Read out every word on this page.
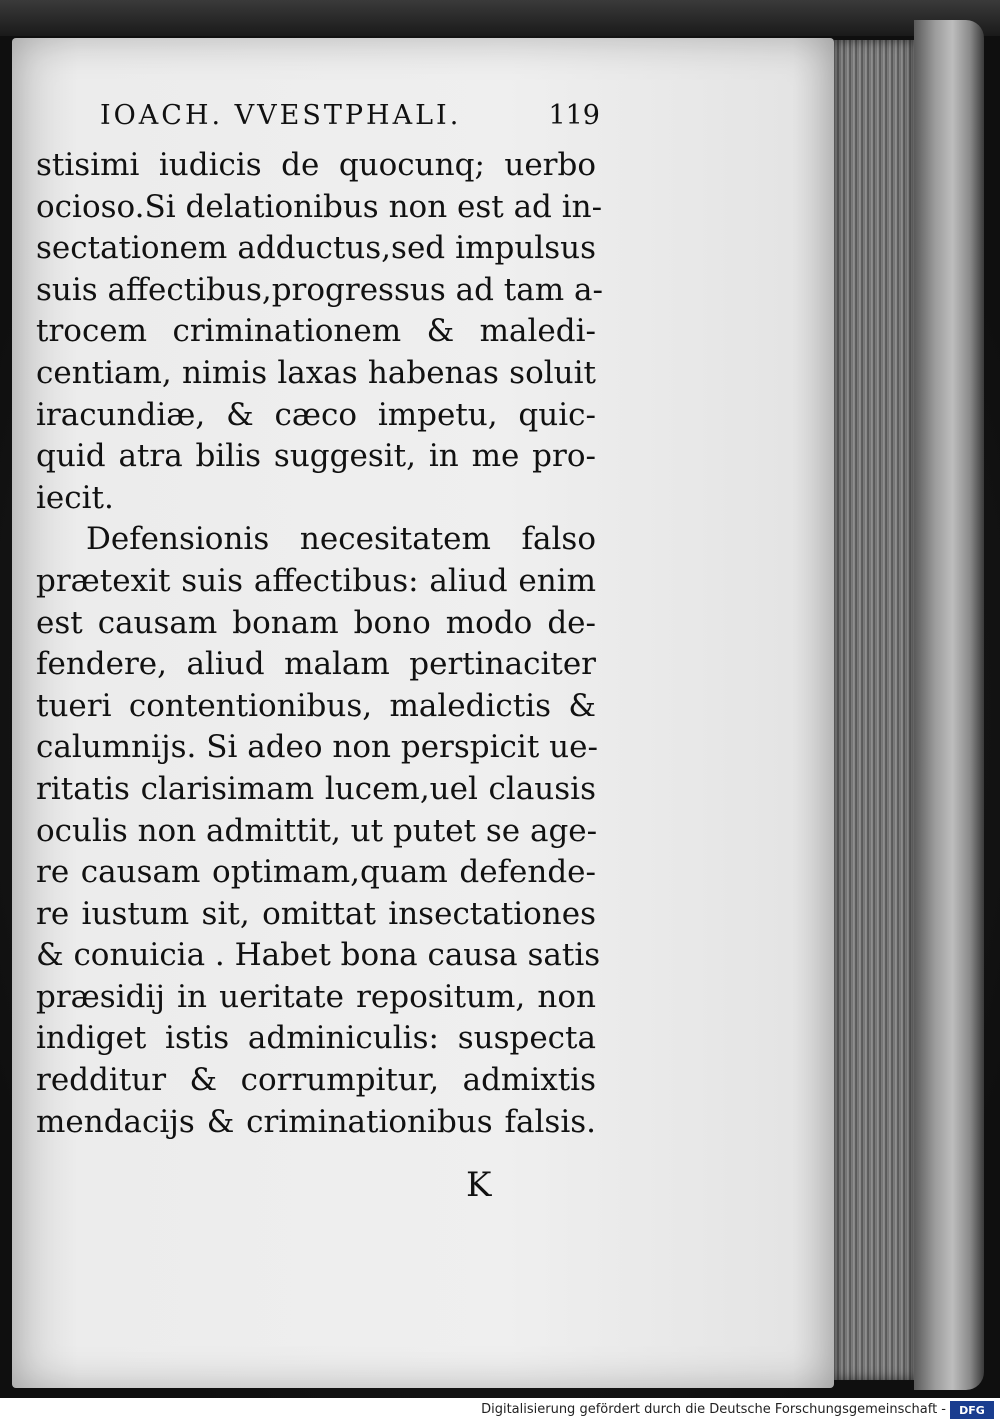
IOACH. VVESTPHALI.	119
stisimi iudicis de quocunq; uerbo
ocioso.Si delationibus non est ad in-
sectationem adductus,sed impulsus
suis affectibus,progressus ad tam a-
trocem criminationem & maledi-
centiam, nimis laxas habenas soluit
iracundiæ, & cæco impetu, quic-
quid atra bilis suggesit, in me pro-
iecit.
Defensionis necesitatem falso
prætexit suis affectibus: aliud enim
est causam bonam bono modo de-
fendere, aliud malam pertinaciter
tueri contentionibus, maledictis &
calumnijs. Si adeo non perspicit ue-
ritatis clarisimam lucem,uel clausis
oculis non admittit, ut putet se age-
re causam optimam,quam defende-
re iustum sit, omittat insectationes
& conuicia . Habet bona causa satis
præsidij in ueritate repositum, non
indiget istis adminiculis: suspecta
redditur & corrumpitur, admixtis
mendacijs & criminationibus falsis.
K
Digitalisierung gefördert durch die Deutsche Forschungsgemeinschaft -	DFG
